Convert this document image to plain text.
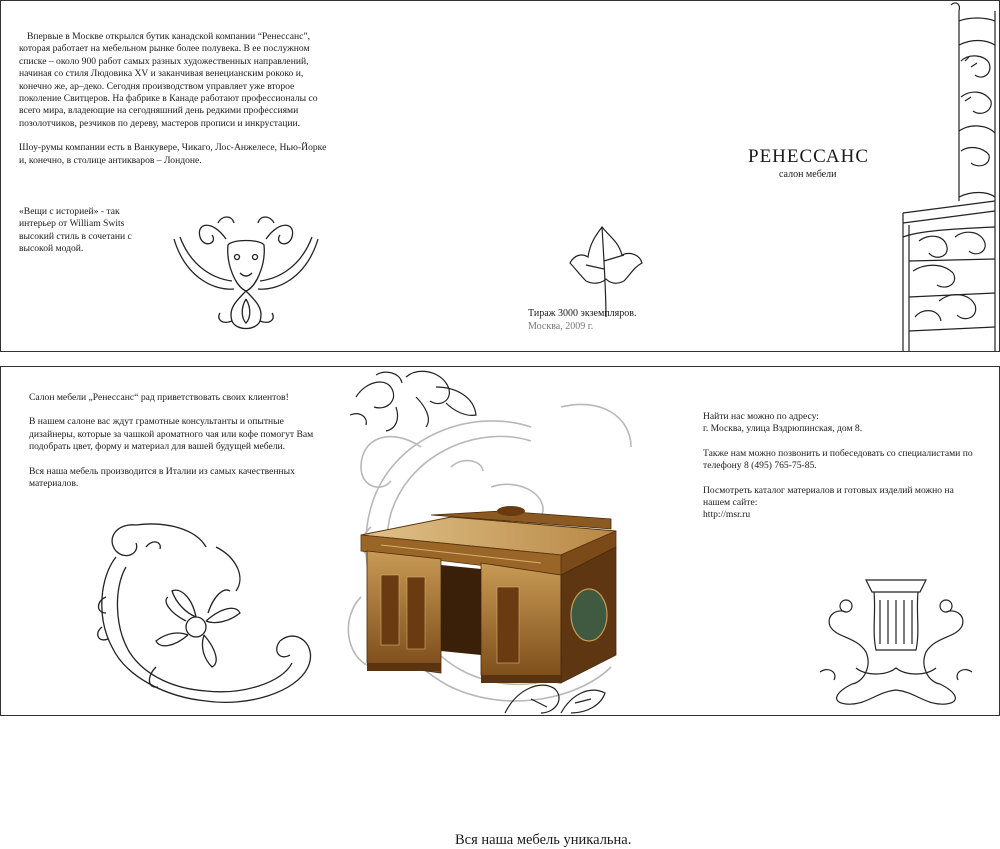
Впервые в Москве открылся бутик канадской компании “Ренессанс”, которая работает на мебельном рынке более полувека. В ее послужном списке – около 900 работ самых разных художественных направлений, начиная со стиля Людовика XV и заканчивая венецианским рококо и, конечно же, ар–деко. Сегодня производством управляет уже второе поколение Свитцеров. На фабрике в Канаде работают профессионалы со всего мира, владеющие на сегодняшний день редкими профессиями позолотчиков, резчиков по дереву, мастеров прописи и инкрустации.

Шоу-румы компании есть в Ванкувере, Чикаго, Лос-Анжелесе, Нью-Йорке и, конечно, в столице антикваров – Лондоне.

«Вещи с историей» - так интерьер от William Swits высокий стиль в сочетани с высокой модой.

Тираж 3000 экземпляров.
Москва, 2009 г.
РЕНЕССАНС
салон мебели

Салон мебели „Ренессанс“ рад приветствовать своих клиентов!

В нашем салоне вас ждут грамотные консультанты и опытные дизайнеры, которые за чашкой ароматного чая или кофе помогут Вам подобрать цвет, форму и материал для вашей будущей мебели.

Вся наша мебель производится в Италии из самых качественных материалов.

Вся наша мебель уникальна.

Найти нас можно по адресу:
г. Москва, улица Вздрюпинская, дом 8.

Также нам можно позвонить и побеседовать со специалистами по телефону 8 (495) 765-75-85.

Посмотреть каталог материалов и готовых изделий можно на нашем сайте:
http://msr.ru
